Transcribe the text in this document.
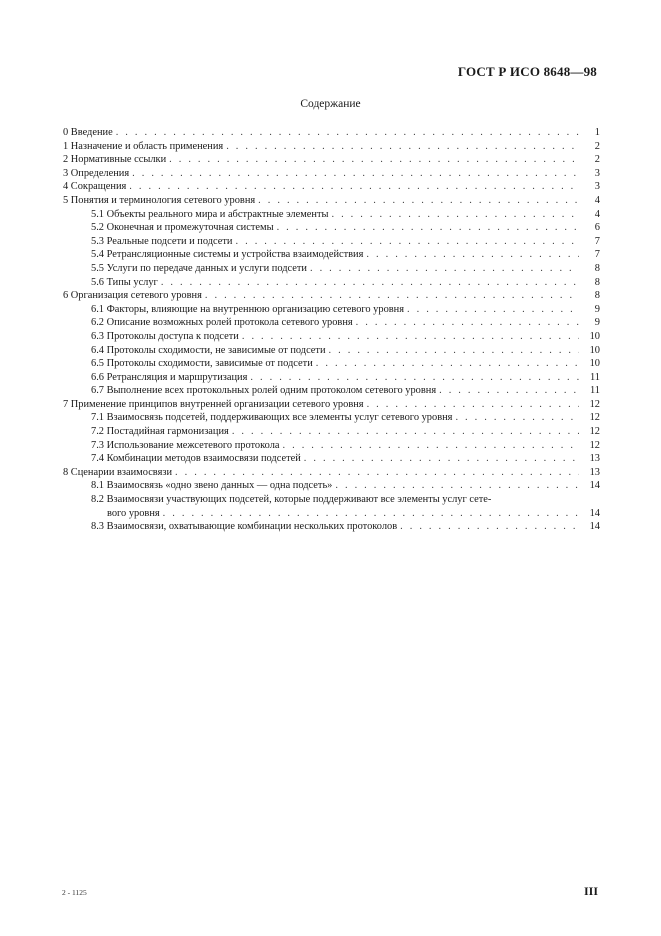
ГОСТ Р ИСО 8648—98
Содержание
0 Введение . . .	1
1 Назначение и область применения . . .	2
2 Нормативные ссылки . . .	2
3 Определения . . .	3
4 Сокращения . . .	3
5 Понятия и терминология сетевого уровня . . .	4
5.1 Объекты реального мира и абстрактные элементы . . .	4
5.2 Оконечная и промежуточная системы . . .	6
5.3 Реальные подсети и подсети . . .	7
5.4 Ретрансляционные системы и устройства взаимодействия . . .	7
5.5 Услуги по передаче данных и услуги подсети . . .	8
5.6 Типы услуг . . .	8
6 Организация сетевого уровня . . .	8
6.1 Факторы, влияющие на внутреннюю организацию сетевого уровня . . .	9
6.2 Описание возможных ролей протокола сетевого уровня . . .	9
6.3 Протоколы доступа к подсети . . .	10
6.4 Протоколы сходимости, не зависимые от подсети . . .	10
6.5 Протоколы сходимости, зависимые от подсети . . .	10
6.6 Ретрансляция и маршрутизация . . .	11
6.7 Выполнение всех протокольных ролей одним протоколом сетевого уровня . . .	11
7 Применение принципов внутренней организации сетевого уровня . . .	12
7.1 Взаимосвязь подсетей, поддерживающих все элементы услуг сетевого уровня . . .	12
7.2 Постадийная гармонизация . . .	12
7.3 Использование межсетевого протокола . . .	12
7.4 Комбинации методов взаимосвязи подсетей . . .	13
8 Сценарии взаимосвязи . . .	13
8.1 Взаимосвязь «одно звено данных — одна подсеть» . . .	14
8.2 Взаимосвязи участвующих подсетей, которые поддерживают все элементы услуг сете-
вого уровня . . .	14
8.3 Взаимосвязи, охватывающие комбинации нескольких протоколов . . .	14
2 - 1125	III
